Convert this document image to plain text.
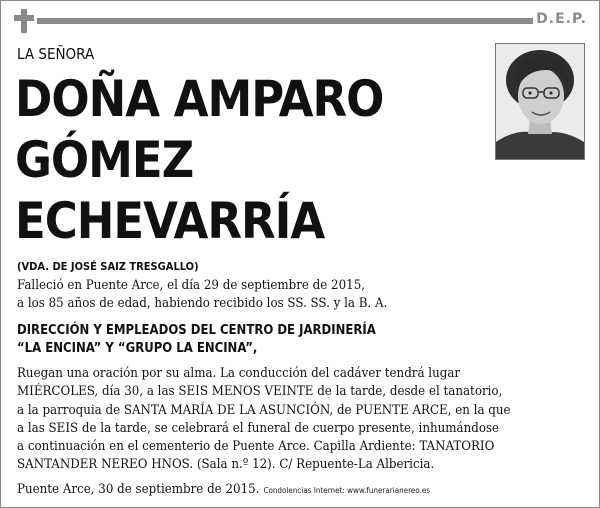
D.E.P.
LA SEÑORA
DOÑA AMPARO
GÓMEZ
ECHEVARRÍA
(VDA. DE JOSÉ SAIZ TRESGALLO)
Falleció en Puente Arce, el día 29 de septiembre de 2015,
a los 85 años de edad, habiendo recibido los SS. SS. y la B. A.
DIRECCIÓN Y EMPLEADOS DEL CENTRO DE JARDINERÍA
“LA ENCINA” Y “GRUPO LA ENCINA”,
Ruegan una oración por su alma. La conducción del cadáver tendrá lugar
MIÉRCOLES, día 30, a las SEIS MENOS VEINTE de la tarde, desde el tanatorio,
a la parroquia de SANTA MARÍA DE LA ASUNCIÓN, de PUENTE ARCE, en la que
a las SEIS de la tarde, se celebrará el funeral de cuerpo presente, inhumándose
a continuación en el cementerio de Puente Arce. Capilla Ardiente: TANATORIO
SANTANDER NEREO HNOS. (Sala n.º 12). C/ Repuente-La Albericia.
Puente Arce, 30 de septiembre de 2015. Condolencias Internet: www.funerarianereo.es
